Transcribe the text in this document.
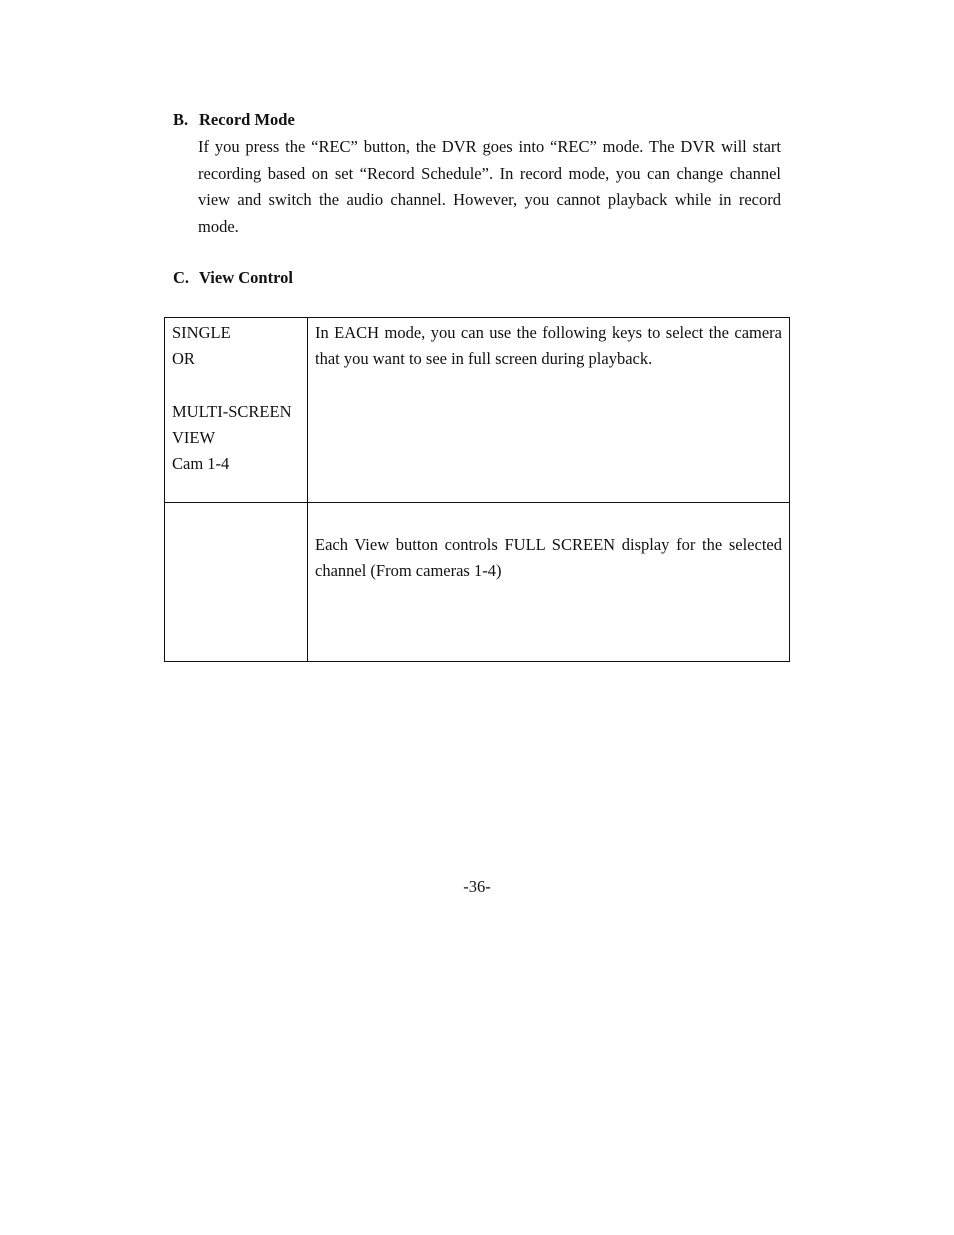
B. Record Mode
If you press the “REC” button, the DVR goes into “REC” mode. The DVR will start recording based on set “Record Schedule”. In record mode, you can change channel view and switch the audio channel. However, you cannot playback while in record mode.
C. View Control
SINGLE
OR
MULTI-SCREEN
VIEW
Cam 1-4	In EACH mode, you can use the following keys to select the camera that you want to see in full screen during playback.
	Each View button controls FULL SCREEN display for the selected channel (From cameras 1-4)
-36-
